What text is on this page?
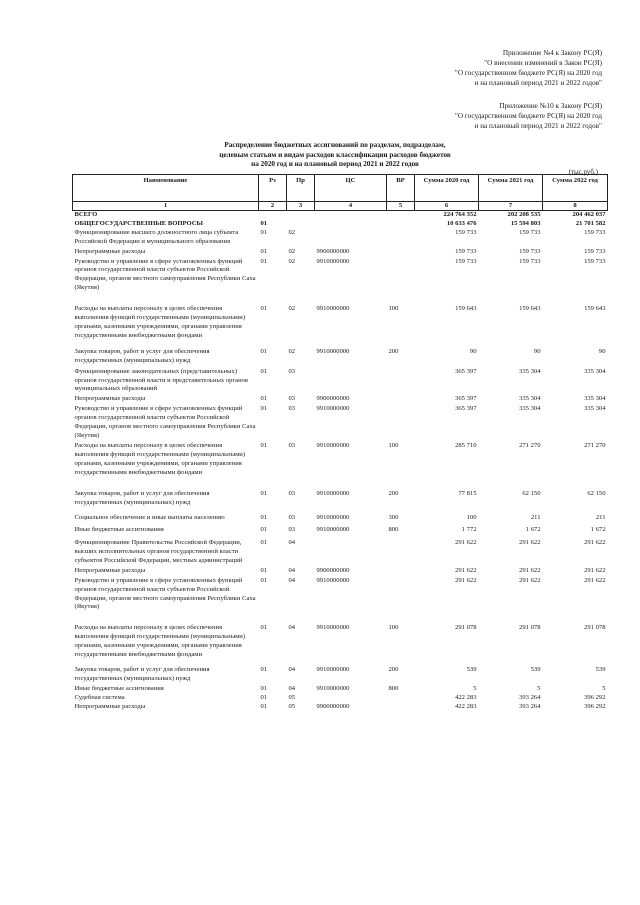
Приложение №4 к Закону РС(Я)
"О внесении изменений в Закон РС(Я)
"О государственном бюджете РС(Я) на 2020 год
и на плановый период 2021 и 2022 годов"
Приложение №10 к Закону РС(Я)
"О государственном бюджете РС(Я) на 2020 год
и на плановый период 2021 и 2022 годов"
Распределение бюджетных ассигнований по разделам, подразделам,
целевым статьям и видам расходов классификации расходов бюджетов
на 2020 год и на плановый период 2021 и 2022 годов
(тыс.руб.)
Наименование	Рз	Пр	ЦС	ВР	Сумма 2020 год	Сумма 2021 год	Сумма 2022 год
1	2	3	4	5	6	7	8
ВСЕГО					224 764 352	202 208 535	204 462 037
ОБЩЕГОСУДАРСТВЕННЫЕ ВОПРОСЫ	01				10 633 476	15 594 803	21 701 582
Функционирование высшего должностного лица субъекта Российской Федерации и муниципального образования	01	02			159 733	159 733	159 733
Непрограммные расходы	01	02	9900000000		159 733	159 733	159 733
Руководство и управление в сфере установленных функций органов государственной власти субъектов Российской Федерации, органов местного самоуправления Республики Саха (Якутия)	01	02	9910000000		159 733	159 733	159 733
Расходы на выплаты персоналу в целях обеспечения выполнения функций государственными (муниципальными) органами, казенными учреждениями, органами управления государственными внебюджетными фондами	01	02	9910000000	100	159 643	159 643	159 643
Закупка товаров, работ и услуг для обеспечения государственных (муниципальных) нужд	01	02	9910000000	200	90	90	90
Функционирование законодательных (представительных) органов государственной власти и представительных органов муниципальных образований	01	03			365 397	335 304	335 304
Непрограммные расходы	01	03	9900000000		365 397	335 304	335 304
Руководство и управление в сфере установленных функций органов государственной власти субъектов Российской Федерации, органов местного самоуправления Республики Саха (Якутия)	01	03	9910000000		365 397	335 304	335 304
Расходы на выплаты персоналу в целях обеспечения выполнения функций государственными (муниципальными) органами, казенными учреждениями, органами управления государственными внебюджетными фондами	01	03	9910000000	100	285 710	271 270	271 270
Закупка товаров, работ и услуг для обеспечения государственных (муниципальных) нужд	01	03	9910000000	200	77 815	62 150	62 150
Социальное обеспечение и иные выплаты населению	01	03	9910000000	300	100	211	211
Иные бюджетные ассигнования	01	03	9910000000	800	1 772	1 672	1 672
Функционирование Правительства Российской Федерации, высших исполнительных органов государственной власти субъектов Российской Федерации, местных администраций	01	04			291 622	291 622	291 622
Непрограммные расходы	01	04	9900000000		291 622	291 622	291 622
Руководство и управление в сфере установленных функций органов государственной власти субъектов Российской Федерации, органов местного самоуправления Республики Саха (Якутия)	01	04	9910000000		291 622	291 622	291 622
Расходы на выплаты персоналу в целях обеспечения выполнения функций государственными (муниципальными) органами, казенными учреждениями, органами управления государственными внебюджетными фондами	01	04	9910000000	100	291 078	291 078	291 078
Закупка товаров, работ и услуг для обеспечения государственных (муниципальных) нужд	01	04	9910000000	200	539	539	539
Иные бюджетные ассигнования	01	04	9910000000	800	5	5	5
Судебная система	01	05			422 283	393 264	396 292
Непрограммные расходы	01	05	9900000000		422 283	393 264	396 292
